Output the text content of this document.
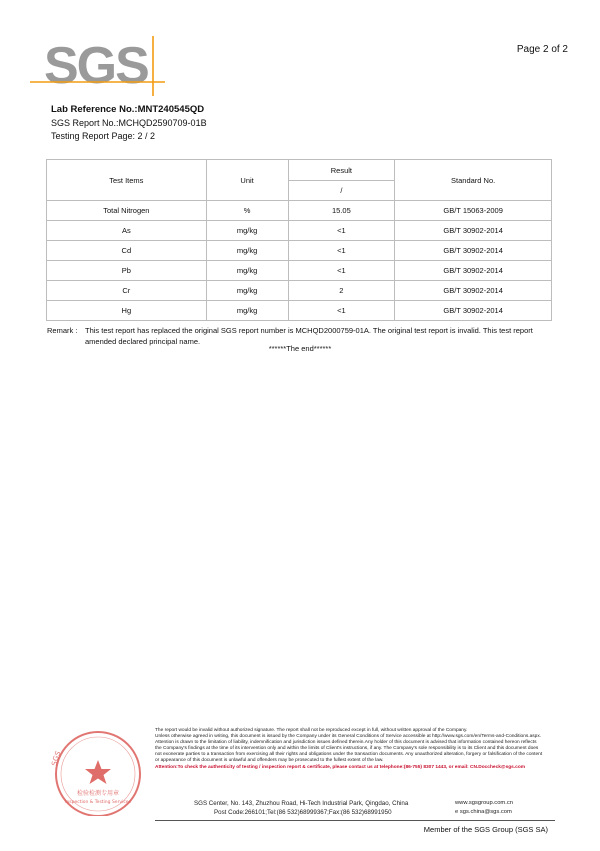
SGS	Page 2 of 2
Lab Reference No.:MNT240545QD
SGS Report No.:MCHQD2590709-01B
Testing Report Page: 2 / 2
Test Items	Unit	Result	Standard No.
		/	
Total Nitrogen	%	15.05	GB/T 15063-2009
As	mg/kg	<1	GB/T 30902-2014
Cd	mg/kg	<1	GB/T 30902-2014
Pb	mg/kg	<1	GB/T 30902-2014
Cr	mg/kg	2	GB/T 30902-2014
Hg	mg/kg	<1	GB/T 30902-2014
Remark :	This test report has replaced the original SGS report number is MCHQD2000759-01A. The original test report is invalid. This test report amended declared principal name.
******The end******
SGS
检验检测专用章
Inspection & Testing Services
The report would be invalid without authorized signature. The report shall not be reproduced except in full, without written approval of the Company.
Unless otherwise agreed in writing, this document is issued by the Company under its General Conditions of Service accessible at http://www.sgs.com/en/Terms-and-Conditions.aspx. Attention is drawn to the limitation of liability, indemnification and jurisdiction issues defined therein.Any holder of this document is advised that information contained hereon reflects the Company's findings at the time of its intervention only and within the limits of Client's instructions, if any. The Company's sole responsibility is to its Client and this document does not exonerate parties to a transaction from exercising all their rights and obligations under the transaction documents. Any unauthorized alteration, forgery or falsification of the content or appearance of this document is unlawful and offenders may be prosecuted to the fullest extent of the law.
Attention:To check the authenticity of testing / inspection report & certificate, please contact us at telephone:(86-755) 8307 1443, or email: CN.Doccheck@sgs.com
SGS Center, No. 143, Zhuzhou Road, Hi-Tech Industrial Park, Qingdao, China
Post Code:266101;Tel:(86 532)68999367;Fax:(86 532)68991950
www.sgsgroup.com.cn
e sgs.china@sgs.com
Member of the SGS Group (SGS SA)
